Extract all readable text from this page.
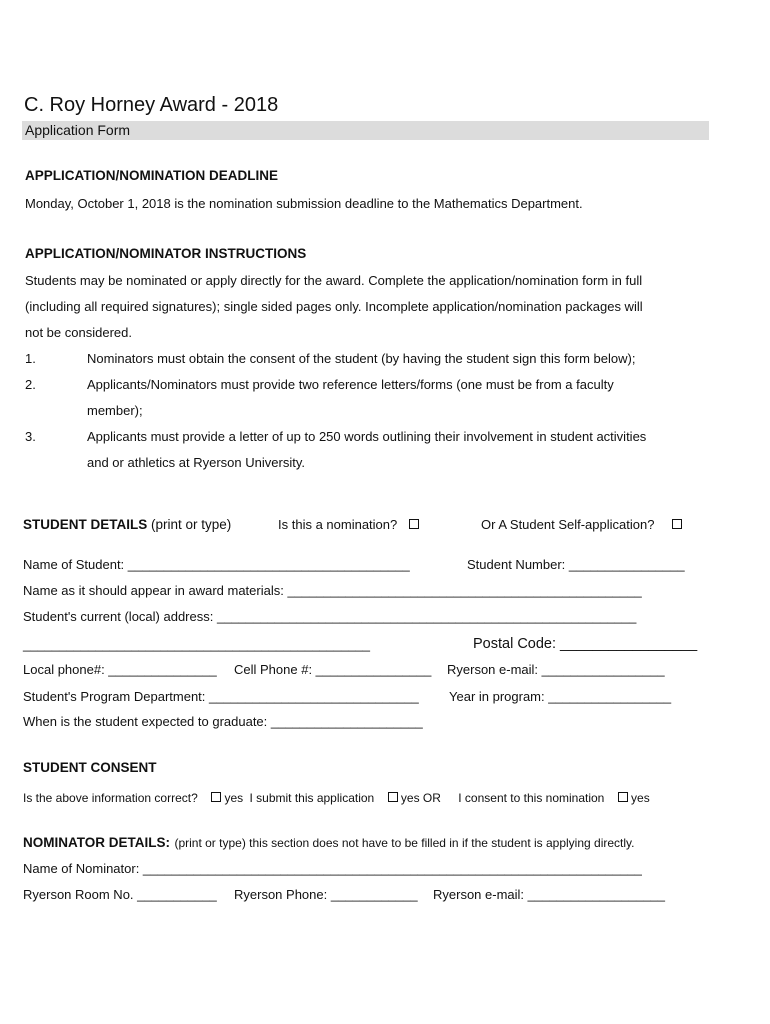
C. Roy Horney Award - 2018
Application Form
APPLICATION/NOMINATION DEADLINE
Monday, October 1, 2018 is the nomination submission deadline to the Mathematics Department.
APPLICATION/NOMINATOR INSTRUCTIONS
Students may be nominated or apply directly for the award. Complete the application/nomination form in full
(including all required signatures); single sided pages only. Incomplete application/nomination packages will
not be considered.
1.	Nominators must obtain the consent of the student (by having the student sign this form below);
2.	Applicants/Nominators must provide two reference letters/forms (one must be from a faculty
member);
3.	Applicants must provide a letter of up to 250 words outlining their involvement in student activities
and or athletics at Ryerson University.
STUDENT DETAILS (print or type)	Is this a nomination?	Or A Student Self-application?
Name of Student: _______________________________________	Student Number: ________________
Name as it should appear in award materials: _________________________________________________
Student's current (local) address: __________________________________________________________
________________________________________________	Postal Code: _________________
Local phone#: _______________ Cell Phone #: ________________ Ryerson e-mail: _________________
Student's Program Department: _____________________________ Year in program: _________________
When is the student expected to graduate: _____________________
STUDENT CONSENT
Is the above information correct? yes I submit this application yes OR I consent to this nomination yes
NOMINATOR DETAILS: (print or type) this section does not have to be filled in if the student is applying directly.
Name of Nominator: _____________________________________________________________________
Ryerson Room No. ___________ Ryerson Phone: ____________ Ryerson e-mail: ___________________
